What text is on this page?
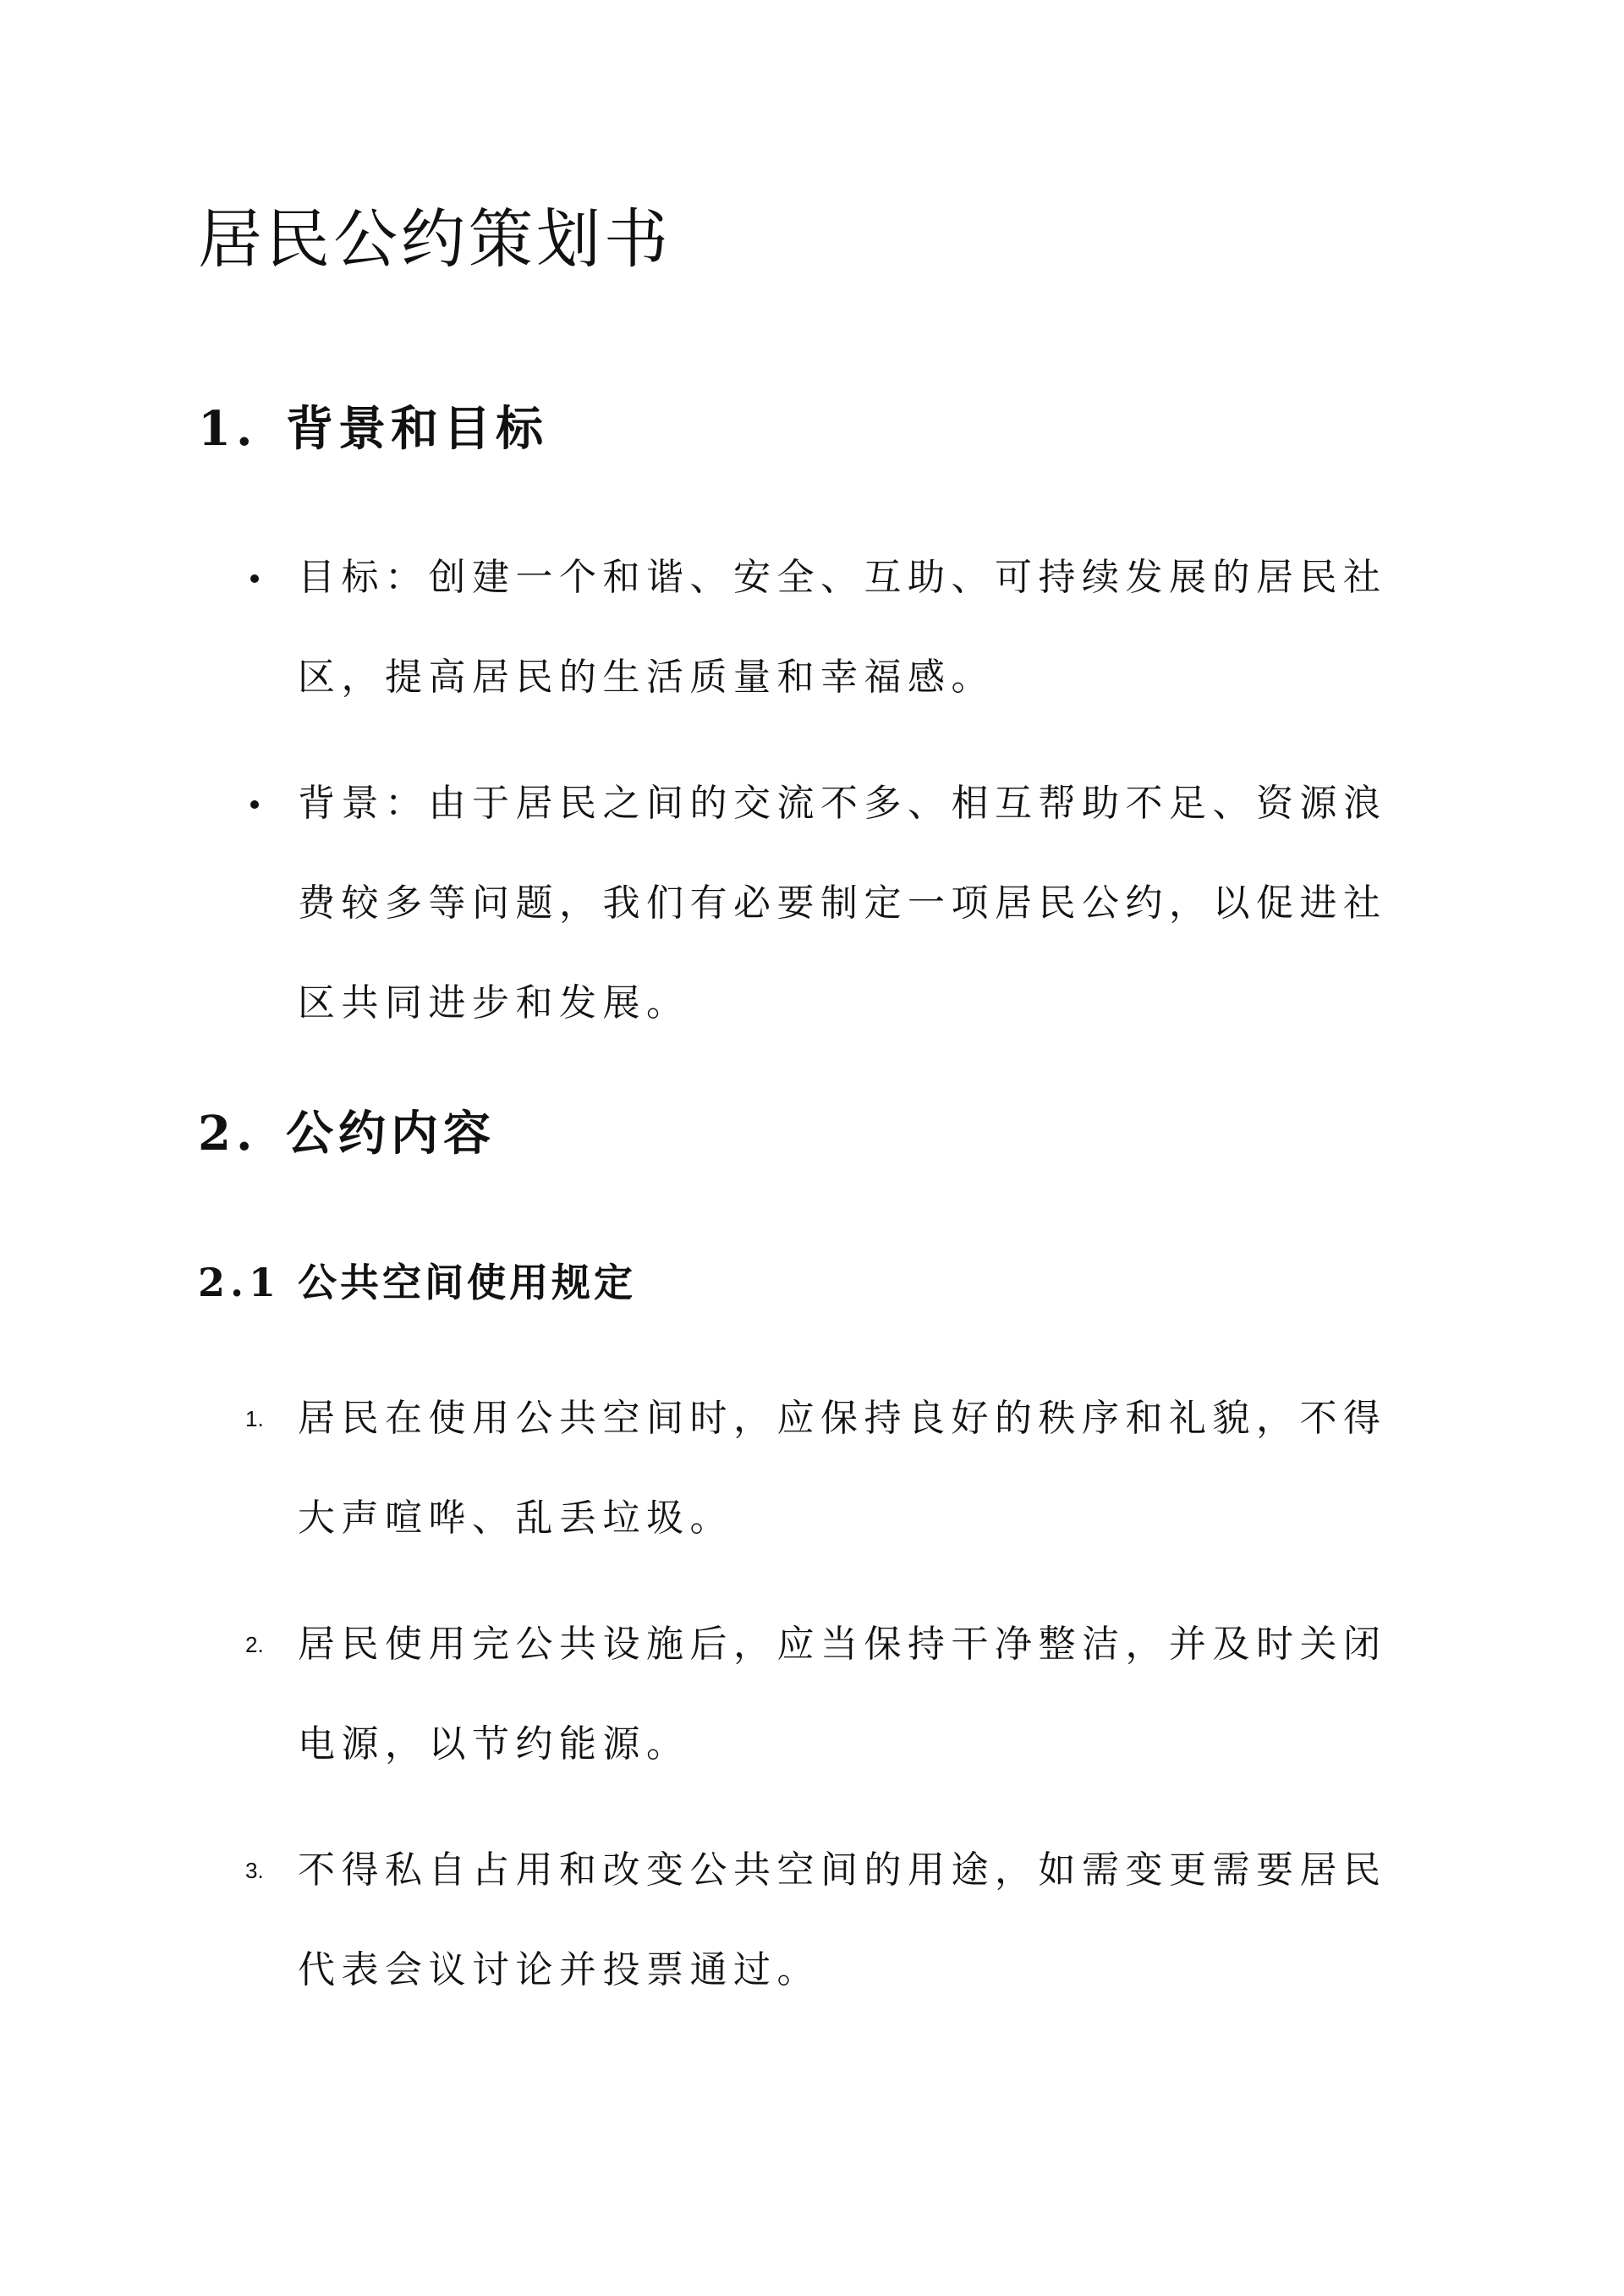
居民公约策划书
1. 背景和目标

目标：创建一个和谐、安全、互助、可持续发展的居民社区，提高居民的生活质量和幸福感。

背景：由于居民之间的交流不多、相互帮助不足、资源浪费较多等问题，我们有必要制定一项居民公约，以促进社区共同进步和发展。

2. 公约内容
2.1 公共空间使用规定
1. 居民在使用公共空间时，应保持良好的秩序和礼貌，不得大声喧哗、乱丢垃圾。

2. 居民使用完公共设施后，应当保持干净整洁，并及时关闭电源，以节约能源。

3. 不得私自占用和改变公共空间的用途，如需变更需要居民代表会议讨论并投票通过。
